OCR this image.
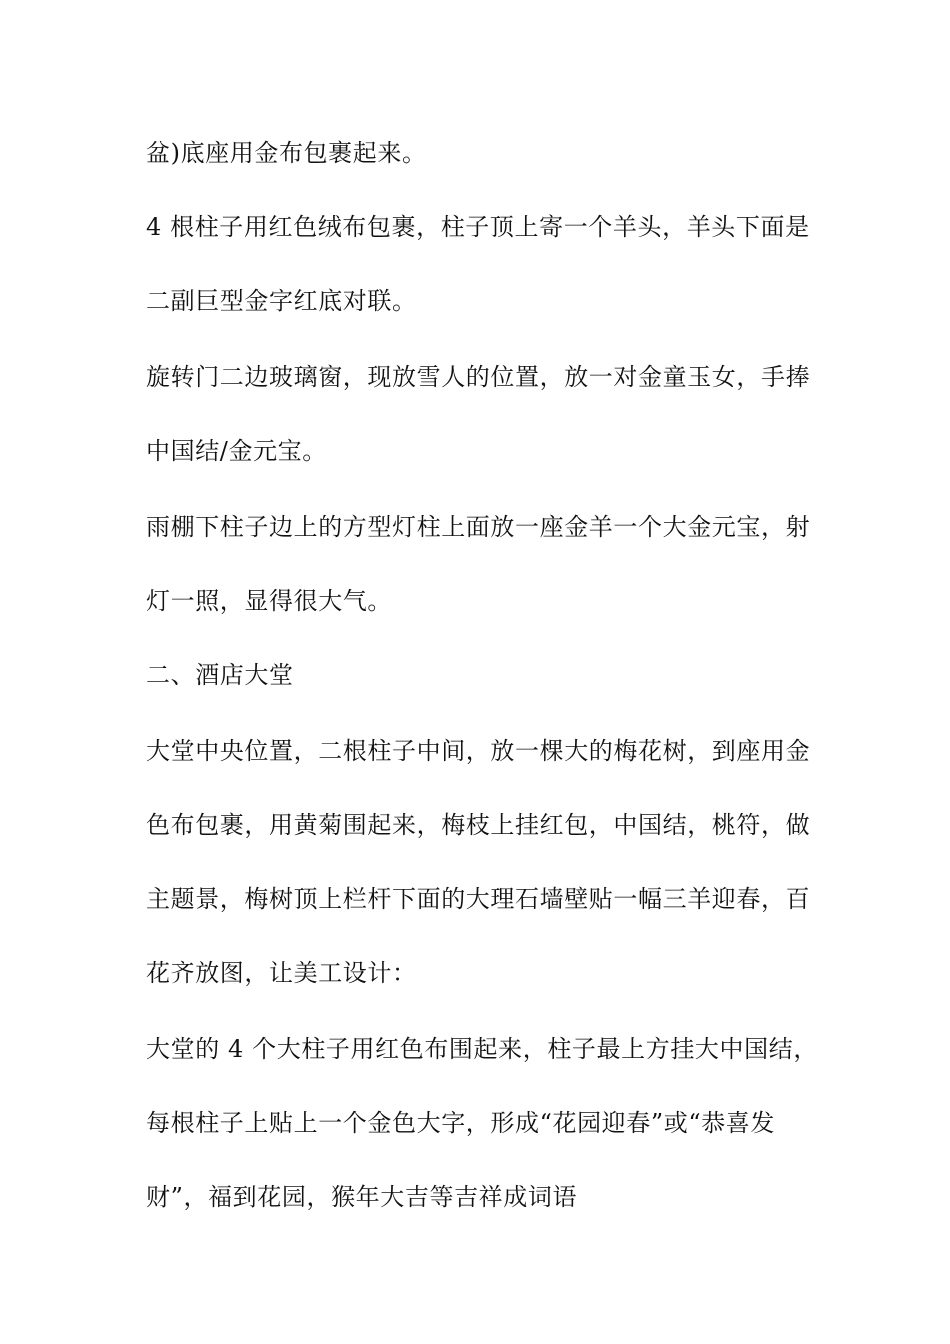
盆)底座用金布包裹起来。
4 根柱子用红色绒布包裹，柱子顶上寄一个羊头，羊头下面是
二副巨型金字红底对联。
旋转门二边玻璃窗，现放雪人的位置，放一对金童玉女，手捧
中国结/金元宝。
雨棚下柱子边上的方型灯柱上面放一座金羊一个大金元宝，射
灯一照，显得很大气。
二、酒店大堂
大堂中央位置，二根柱子中间，放一棵大的梅花树，到座用金
色布包裹，用黄菊围起来，梅枝上挂红包，中国结，桃符，做
主题景，梅树顶上栏杆下面的大理石墙壁贴一幅三羊迎春，百
花齐放图，让美工设计：
大堂的 4 个大柱子用红色布围起来，柱子最上方挂大中国结，
每根柱子上贴上一个金色大字，形成“花园迎春”或“恭喜发
财”，福到花园，猴年大吉等吉祥成词语
